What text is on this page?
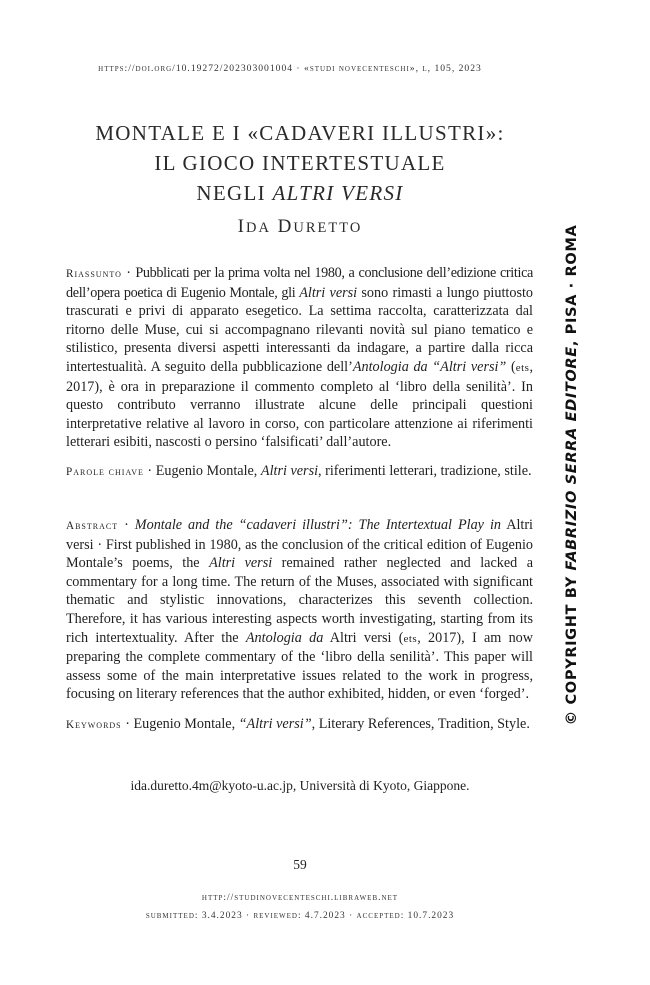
https://doi.org/10.19272/202303001004 · «studi novecenteschi», l, 105, 2023
MONTALE E I «CADAVERI ILLUSTRI»:
IL GIOCO INTERTESTUALE
NEGLI ALTRI VERSI
IDA DURETTO
Riassunto · Pubblicati per la prima volta nel 1980, a conclusione dell’edizione critica dell’opera poetica di Eugenio Montale, gli Altri versi sono rimasti a lungo piuttosto trascurati e privi di apparato esegetico. La settima raccolta, caratterizzata dal ritorno delle Muse, cui si accompagnano rilevanti novità sul piano tematico e stilistico, presenta diversi aspetti interessanti da indagare, a partire dalla ricca intertestualità. A seguito della pubblicazione dell’Antologia da “Altri versi” (ets, 2017), è ora in preparazione il commento completo al ‘libro della senilità’. In questo contributo verranno illustrate alcune delle principali questioni interpretative relative al lavoro in corso, con particolare attenzione ai riferimenti letterari esibiti, nascosti o persino ‘falsificati’ dall’autore.
Parole chiave · Eugenio Montale, Altri versi, riferimenti letterari, tradizione, stile.
Abstract · Montale and the “cadaveri illustri”: The Intertextual Play in Altri versi · First published in 1980, as the conclusion of the critical edition of Eugenio Montale’s poems, the Altri versi remained rather neglected and lacked a commentary for a long time. The return of the Muses, associated with significant thematic and stylistic innovations, characterizes this seventh collection. Therefore, it has various interesting aspects worth investigating, starting from its rich intertextuality. After the Antologia da Altri versi (ets, 2017), I am now preparing the complete commentary of the ‘libro della senilità’. This paper will assess some of the main interpretative issues related to the work in progress, focusing on literary references that the author exhibited, hidden, or even ‘forged’.
Keywords · Eugenio Montale, “Altri versi”, Literary References, Tradition, Style.
ida.duretto.4m@kyoto-u.ac.jp, Università di Kyoto, Giappone.
59
http://studinovecenteschi.libraweb.net
submitted: 3.4.2023 · reviewed: 4.7.2023 · accepted: 10.7.2023
© COPYRIGHT BY FABRIZIO SERRA EDITORE, PISA · ROMA
